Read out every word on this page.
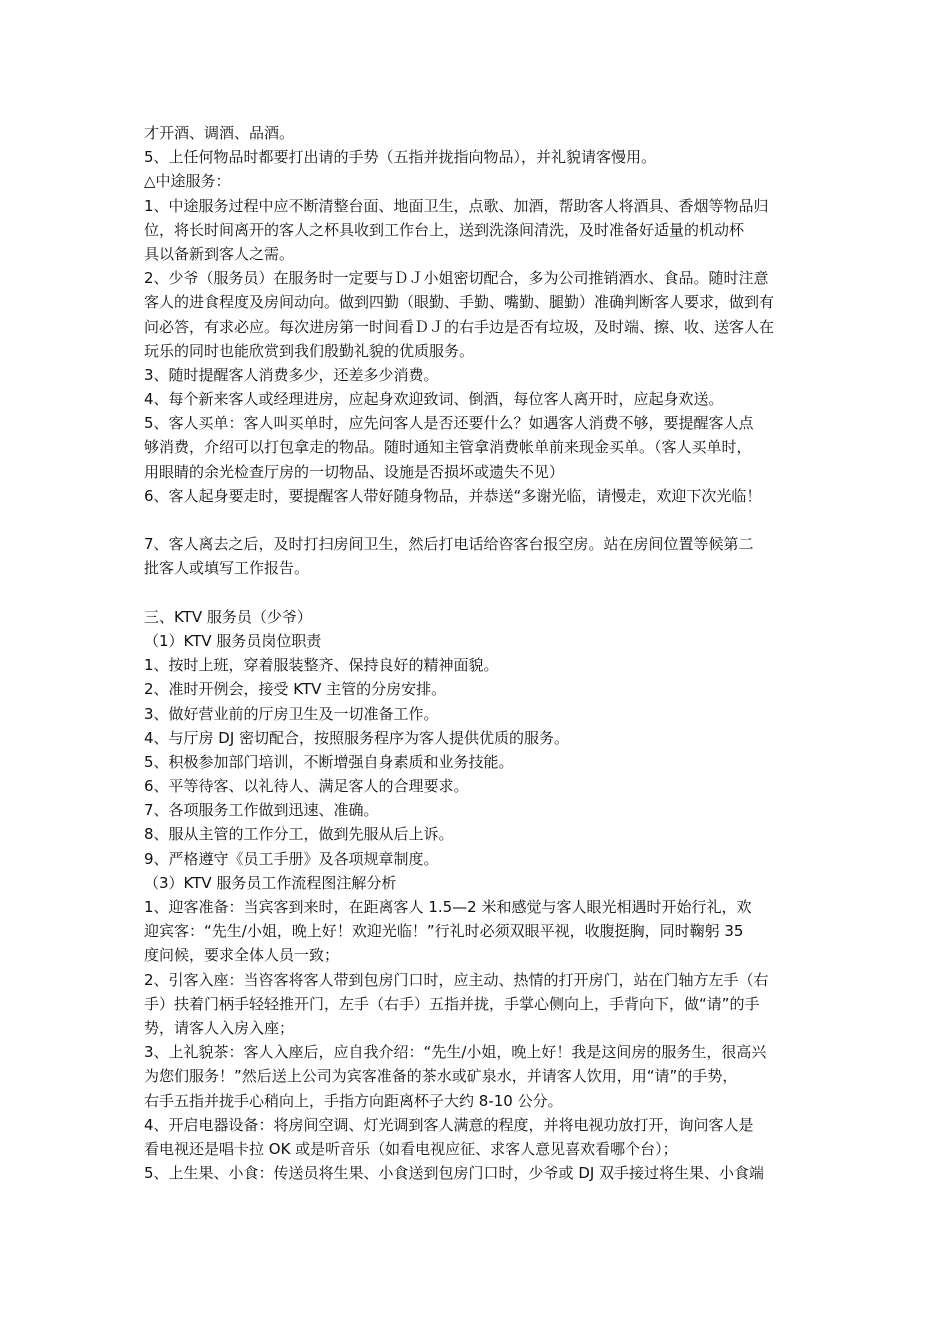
才开酒、调酒、品酒。
5、上任何物品时都要打出请的手势（五指并拢指向物品），并礼貌请客慢用。
△中途服务：
1、中途服务过程中应不断清整台面、地面卫生，点歌、加酒，帮助客人将酒具、香烟等物品归
位，将长时间离开的客人之杯具收到工作台上，送到洗涤间清洗，及时准备好适量的机动杯
具以备新到客人之需。
2、少爷（服务员）在服务时一定要与ＤＪ小姐密切配合，多为公司推销酒水、食品。随时注意
客人的进食程度及房间动向。做到四勤（眼勤、手勤、嘴勤、腿勤）准确判断客人要求，做到有
问必答，有求必应。每次进房第一时间看ＤＪ的右手边是否有垃圾，及时端、擦、收、送客人在
玩乐的同时也能欣赏到我们殷勤礼貌的优质服务。
3、随时提醒客人消费多少，还差多少消费。
4、每个新来客人或经理进房，应起身欢迎致词、倒酒，每位客人离开时，应起身欢送。
5、客人买单：客人叫买单时，应先问客人是否还要什么？如遇客人消费不够，要提醒客人点
够消费，介绍可以打包拿走的物品。随时通知主管拿消费帐单前来现金买单。（客人买单时，
用眼睛的余光检查厅房的一切物品、设施是否损坏或遗失不见）
6、客人起身要走时，要提醒客人带好随身物品，并恭送“多谢光临，请慢走，欢迎下次光临！
7、客人离去之后，及时打扫房间卫生，然后打电话给咨客台报空房。站在房间位置等候第二
批客人或填写工作报告。
三、KTV 服务员（少爷）
（1）KTV 服务员岗位职责
1、按时上班，穿着服装整齐、保持良好的精神面貌。
2、准时开例会，接受 KTV 主管的分房安排。
3、做好营业前的厅房卫生及一切准备工作。
4、与厅房 DJ 密切配合，按照服务程序为客人提供优质的服务。
5、积极参加部门培训，不断增强自身素质和业务技能。
6、平等待客、以礼待人、满足客人的合理要求。
7、各项服务工作做到迅速、准确。
8、服从主管的工作分工，做到先服从后上诉。
9、严格遵守《员工手册》及各项规章制度。
（3）KTV 服务员工作流程图注解分析
1、迎客准备：当宾客到来时，在距离客人 1.5—2 米和感觉与客人眼光相遇时开始行礼，欢
迎宾客：“先生/小姐，晚上好！欢迎光临！”行礼时必须双眼平视，收腹挺胸，同时鞠躬 35
度问候，要求全体人员一致；
2、引客入座：当咨客将客人带到包房门口时，应主动、热情的打开房门，站在门轴方左手（右
手）扶着门柄手轻轻推开门，左手（右手）五指并拢，手掌心侧向上，手背向下，做“请”的手
势，请客人入房入座；
3、上礼貌茶：客人入座后，应自我介绍：“先生/小姐，晚上好！我是这间房的服务生，很高兴
为您们服务！”然后送上公司为宾客准备的茶水或矿泉水，并请客人饮用，用“请”的手势，
右手五指并拢手心稍向上，手指方向距离杯子大约 8-10 公分。
4、开启电器设备：将房间空调、灯光调到客人满意的程度，并将电视功放打开，询问客人是
看电视还是唱卡拉 OK 或是听音乐（如看电视应征、求客人意见喜欢看哪个台）；
5、上生果、小食：传送员将生果、小食送到包房门口时，少爷或 DJ 双手接过将生果、小食端
